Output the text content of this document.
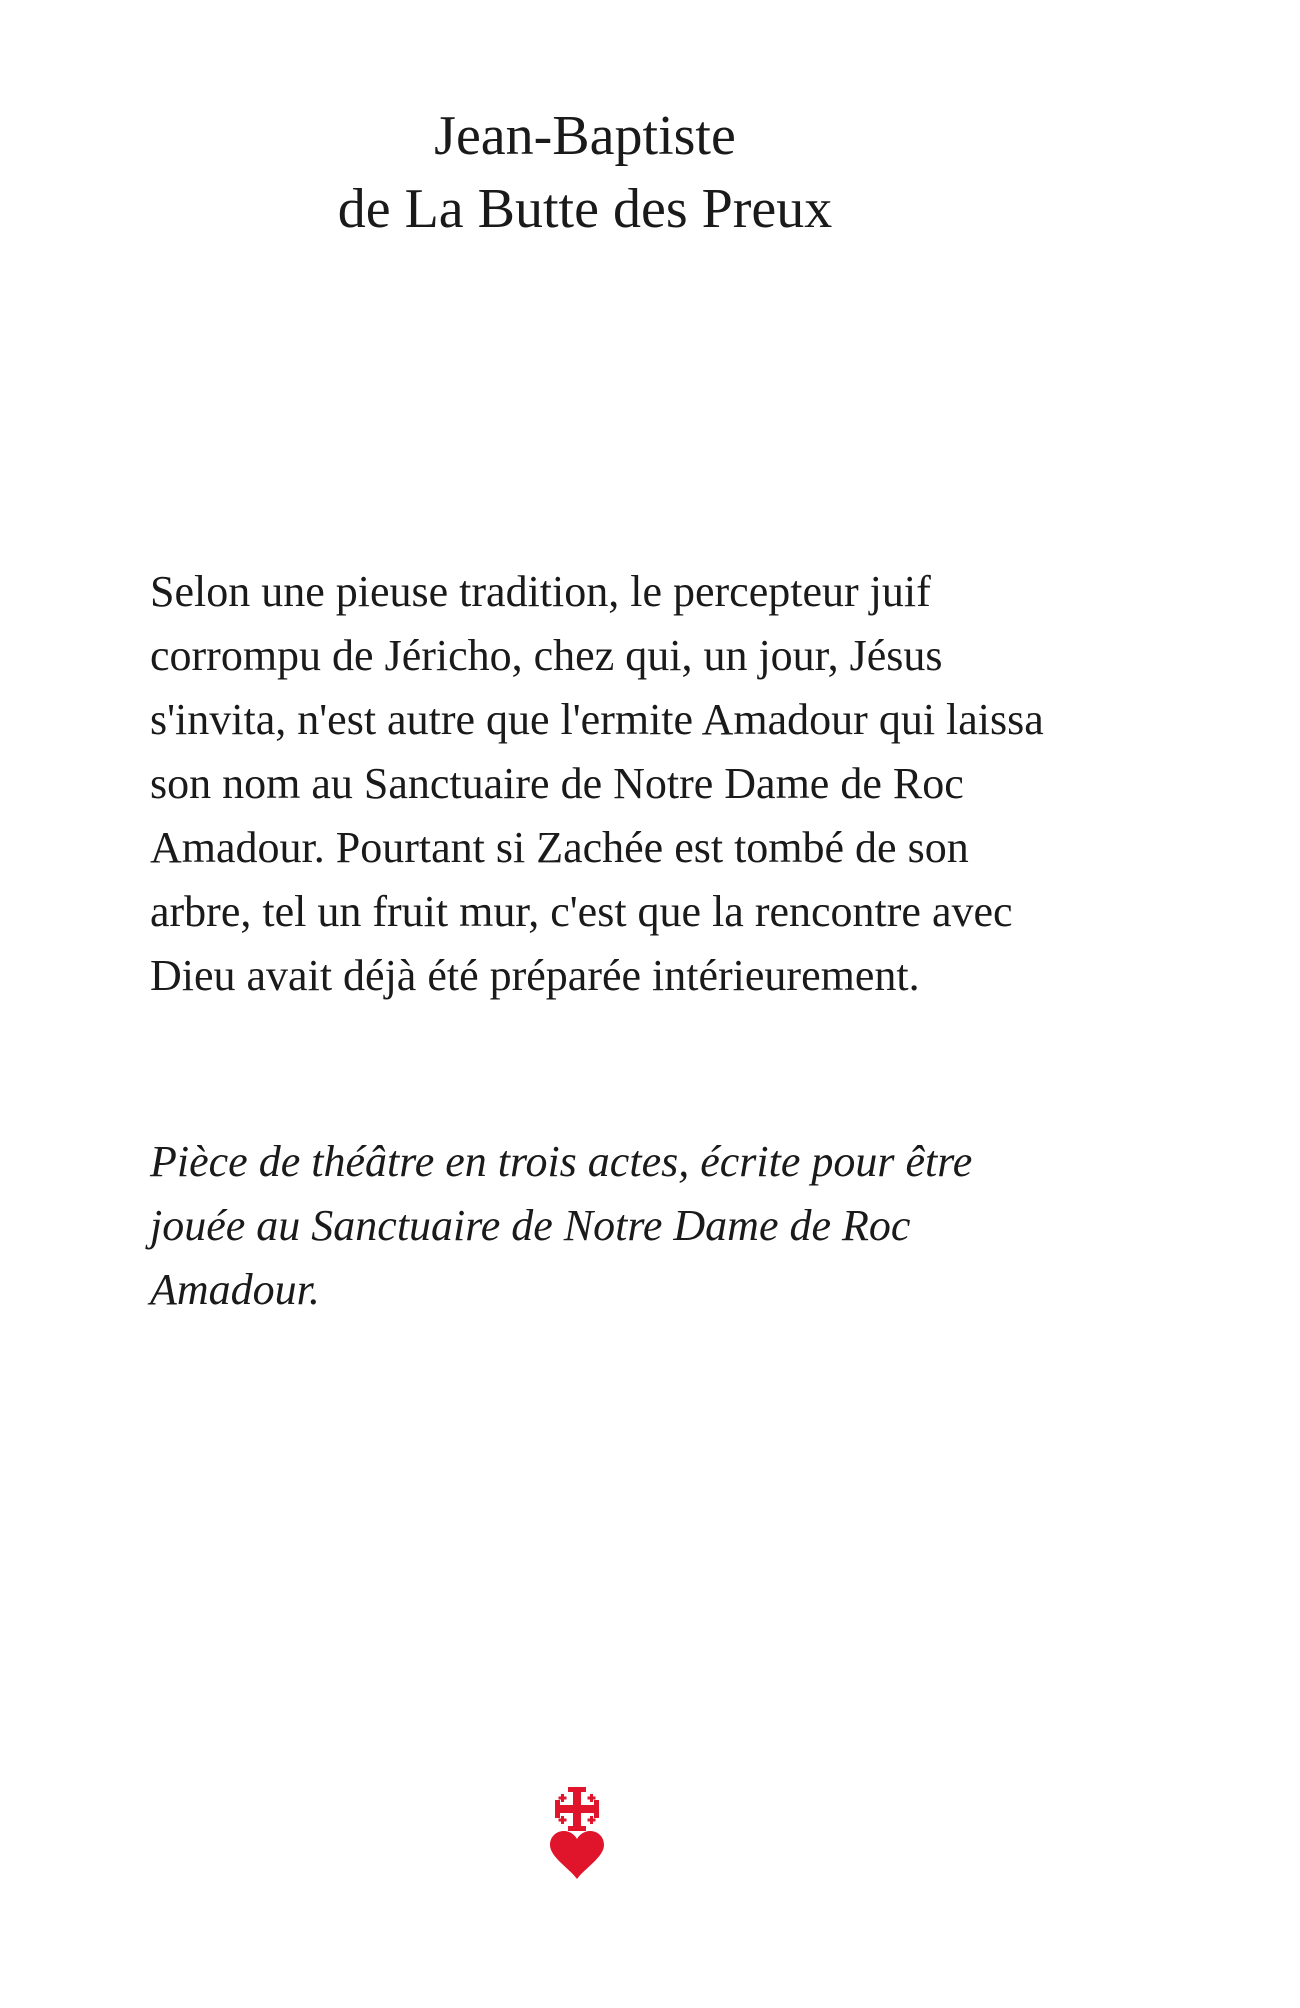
Jean-Baptiste
de La Butte des Preux

Selon une pieuse tradition, le percepteur juif corrompu de Jéricho, chez qui, un jour, Jésus s'invita, n'est autre que l'ermite Amadour qui laissa son nom au Sanctuaire de Notre Dame de Roc Amadour. Pourtant si Zachée est tombé de son arbre, tel un fruit mur, c'est que la rencontre avec Dieu avait déjà été préparée intérieurement.

Pièce de théâtre en trois actes, écrite pour être jouée au Sanctuaire de Notre Dame de Roc Amadour.
